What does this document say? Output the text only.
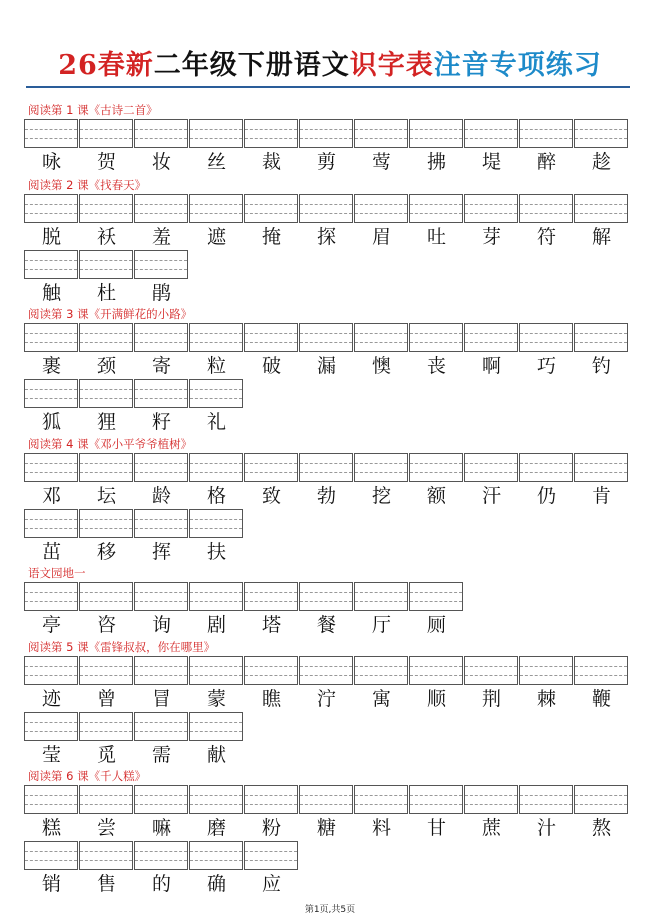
26春新二年级下册语文识字表注音专项练习
阅读第 1 课《古诗二首》
咏	贺	妆	丝	裁	剪	莺	拂	堤	醉	趁
阅读第 2 课《找春天》
脱	袄	羞	遮	掩	探	眉	吐	芽	符	解
触	杜	鹃
阅读第 3 课《开满鲜花的小路》
裹	颈	寄	粒	破	漏	懊	丧	啊	巧	钓
狐	狸	籽	礼
阅读第 4 课《邓小平爷爷植树》
邓	坛	龄	格	致	勃	挖	额	汗	仍	肯
茁	移	挥	扶
语文园地一
亭	咨	询	剧	塔	餐	厅	厕
阅读第 5 课《雷锋叔叔，你在哪里》
迹	曾	冒	蒙	瞧	泞	寓	顺	荆	棘	鞭
莹	觅	需	献
阅读第 6 课《千人糕》
糕	尝	嘛	磨	粉	糖	料	甘	蔗	汁	熬
销	售	的	确	应
第1页,共5页
